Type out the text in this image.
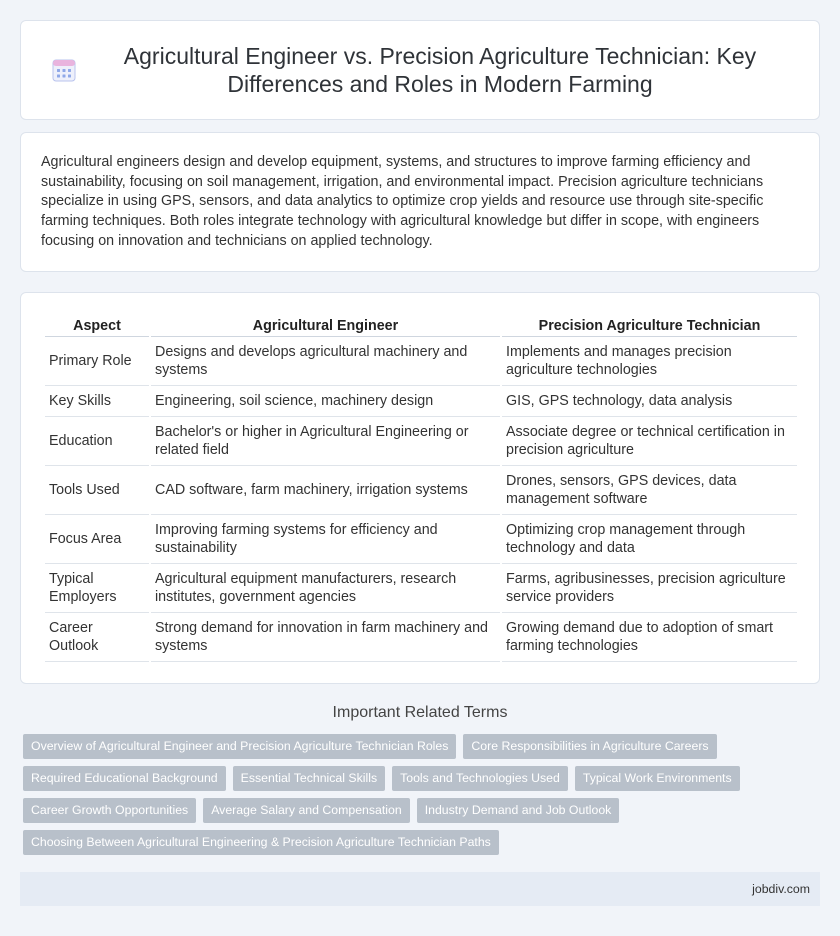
Agricultural Engineer vs. Precision Agriculture Technician: Key Differences and Roles in Modern Farming

Agricultural engineers design and develop equipment, systems, and structures to improve farming efficiency and sustainability, focusing on soil management, irrigation, and environmental impact. Precision agriculture technicians specialize in using GPS, sensors, and data analytics to optimize crop yields and resource use through site-specific farming techniques. Both roles integrate technology with agricultural knowledge but differ in scope, with engineers focusing on innovation and technicians on applied technology.

Aspect	Agricultural Engineer	Precision Agriculture Technician
Primary Role	Designs and develops agricultural machinery and systems	Implements and manages precision agriculture technologies
Key Skills	Engineering, soil science, machinery design	GIS, GPS technology, data analysis
Education	Bachelor's or higher in Agricultural Engineering or related field	Associate degree or technical certification in precision agriculture
Tools Used	CAD software, farm machinery, irrigation systems	Drones, sensors, GPS devices, data management software
Focus Area	Improving farming systems for efficiency and sustainability	Optimizing crop management through technology and data
Typical Employers	Agricultural equipment manufacturers, research institutes, government agencies	Farms, agribusinesses, precision agriculture service providers
Career Outlook	Strong demand for innovation in farm machinery and systems	Growing demand due to adoption of smart farming technologies
Important Related Terms
Overview of Agricultural Engineer and Precision Agriculture Technician Roles	Core Responsibilities in Agriculture Careers
Required Educational Background	Essential Technical Skills	Tools and Technologies Used	Typical Work Environments
Career Growth Opportunities	Average Salary and Compensation	Industry Demand and Job Outlook
Choosing Between Agricultural Engineering & Precision Agriculture Technician Paths
jobdiv.com
